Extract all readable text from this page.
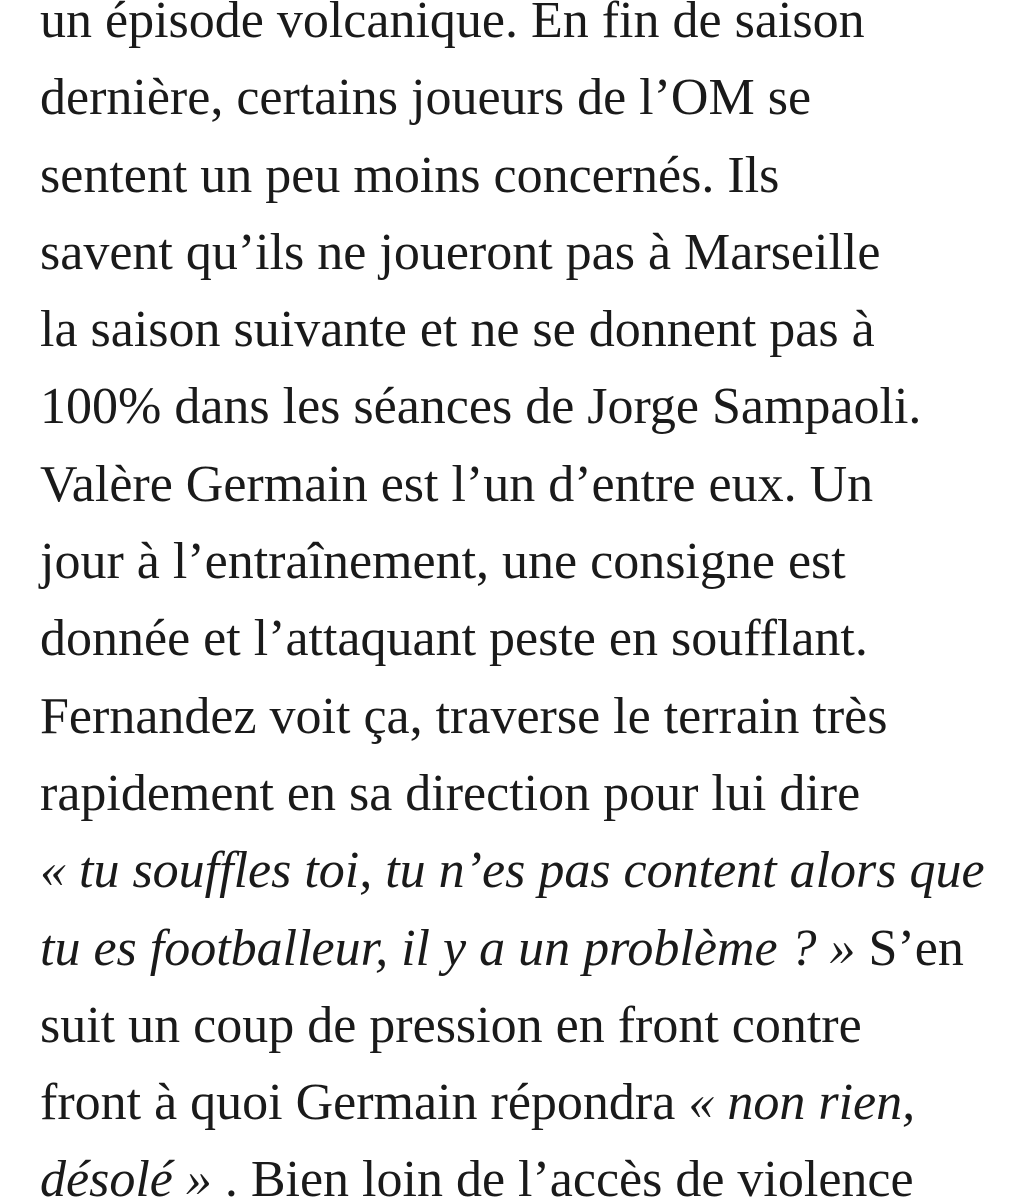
un épisode volcanique. En fin de saison
dernière, certains joueurs de l’OM se
sentent un peu moins concernés. Ils
savent qu’ils ne joueront pas à Marseille
la saison suivante et ne se donnent pas à
100% dans les séances de Jorge Sampaoli.
Valère Germain est l’un d’entre eux. Un
jour à l’entraînement, une consigne est
donnée et l’attaquant peste en soufflant.
Fernandez voit ça, traverse le terrain très
rapidement en sa direction pour lui dire
« tu souffles toi, tu n’es pas content alors que
tu es footballeur, il y a un problème ? » S’en
suit un coup de pression en front contre
front à quoi Germain répondra « non rien,
désolé » . Bien loin de l’accès de violence
